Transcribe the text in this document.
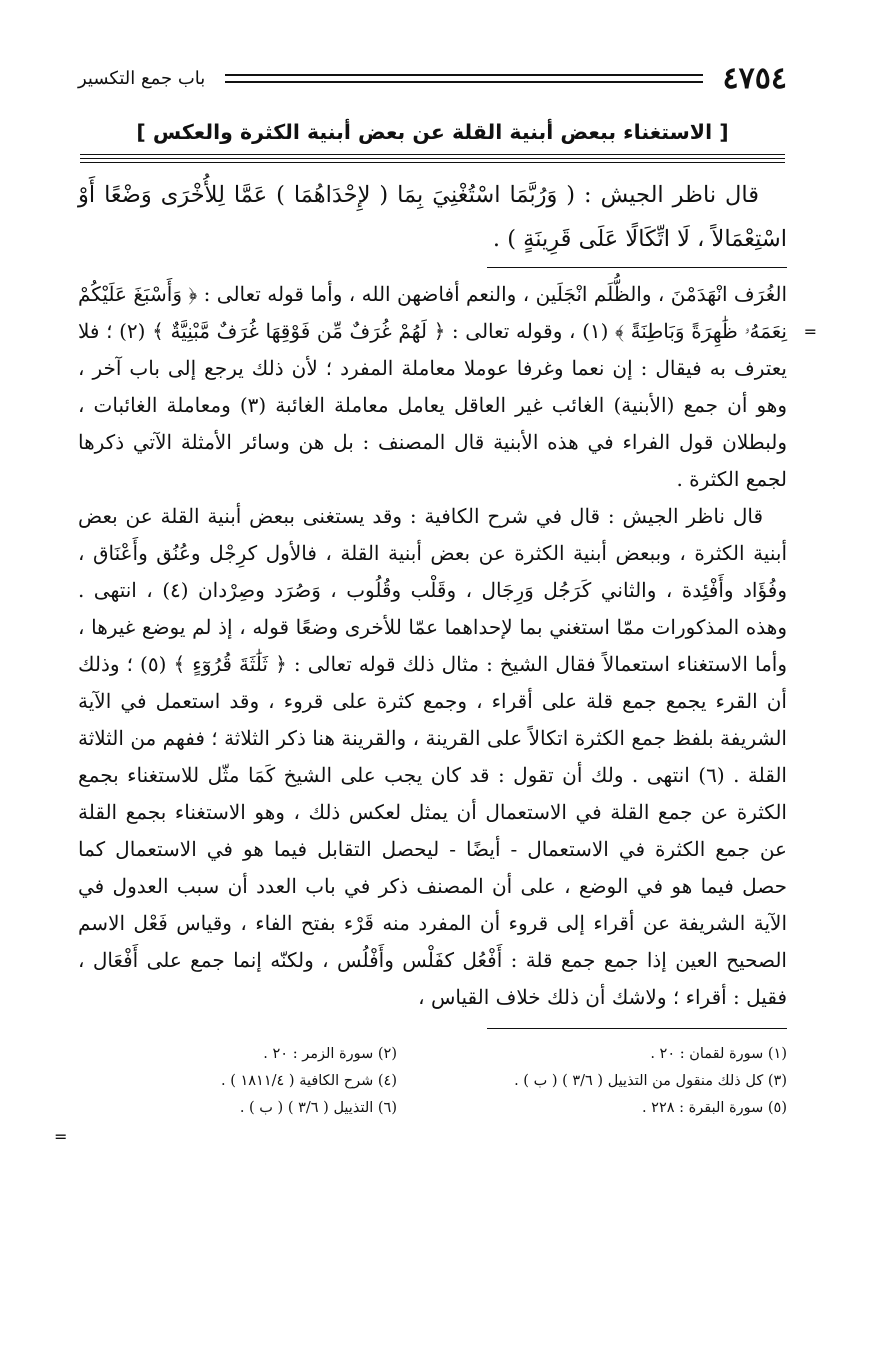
٤٧٥٤
باب جمع التكسير
[ الاستغناء ببعض أبنية القلة عن بعض أبنية الكثرة والعكس ]

قال ناظر الجيش : ( وَرُبَّمَا اسْتُغْنِيَ بِمَا ( لإِحْدَاهُمَا ) عَمَّا لِلأُخْرَى وَضْعًا أَوْ اسْتِعْمَالاً ، لَا اتِّكَالًا عَلَى قَرِينَةٍ ) .

الغُرَف انْهَدَمْنَ ، والظُّلَم انْجَلَين ، والنعم أفاضهن الله ، وأما قوله تعالى : ﴿ وَأَسْبَغَ عَلَيْكُمْ نِعَمَهُۥ ظَٰهِرَةً وَبَاطِنَةً ﴾ (١) ، وقوله تعالى : ﴿ لَهُمْ غُرَفٌ مِّن فَوْقِهَا غُرَفٌ مَّبْنِيَّةٌ ﴾ (٢) ؛ فلا يعترف به فيقال : إن نعما وغرفا عوملا معاملة المفرد ؛ لأن ذلك يرجع إلى باب آخر ، وهو أن جمع (الأبنية) الغائب غير العاقل يعامل معاملة الغائبة (٣) ومعاملة الغائبات ، ولبطلان قول الفراء في هذه الأبنية قال المصنف : بل هن وسائر الأمثلة الآتي ذكرها لجمع الكثرة .

قال ناظر الجيش : قال في شرح الكافية : وقد يستغنى ببعض أبنية القلة عن بعض أبنية الكثرة ، وببعض أبنية الكثرة عن بعض أبنية القلة ، فالأول كرِجْل وعُنُق وأَعْنَاق ، وفُؤَاد وأَفْئِدة ، والثاني كَرَجُل وَرِجَال ، وقَلْب وقُلُوب ، وَصُرَد وصِرْدان (٤) ، انتهى . وهذه المذكورات ممّا استغني بما لإحداهما عمّا للأخرى وضعًا قوله ، إذ لم يوضع غيرها ، وأما الاستغناء استعمالاً فقال الشيخ : مثال ذلك قوله تعالى : ﴿ ثَلَٰثَةَ قُرُوٓءٍ ﴾ (٥) ؛ وذلك أن القرء يجمع جمع قلة على أقراء ، وجمع كثرة على قروء ، وقد استعمل في الآية الشريفة بلفظ جمع الكثرة اتكالاً على القرينة ، والقرينة هنا ذكر الثلاثة ؛ ففهم من الثلاثة القلة . (٦) انتهى . ولك أن تقول : قد كان يجب على الشيخ كَمَا مثّل للاستغناء بجمع الكثرة عن جمع القلة في الاستعمال أن يمثل لعكس ذلك ، وهو الاستغناء بجمع القلة عن جمع الكثرة في الاستعمال - أيضًا - ليحصل التقابل فيما هو في الاستعمال كما حصل فيما هو في الوضع ، على أن المصنف ذكر في باب العدد أن سبب العدول في الآية الشريفة عن أقراء إلى قروء أن المفرد منه قَرْء بفتح الفاء ، وقياس فَعْل الاسم الصحيح العين إذا جمع جمع قلة : أَفْعُل كفَلْس وأَفْلُس ، ولكنّه إنما جمع على أَفْعَال ، فقيل : أقراء ؛ ولاشك أن ذلك خلاف القياس ،

=
=
(١) سورة لقمان : ٢٠ .
(٢) سورة الزمر : ٢٠ .
(٣) كل ذلك منقول من التذييل ( ٣/٦ ) ( ب ) .
(٤) شرح الكافية ( ١٨١١/٤ ) .
(٥) سورة البقرة : ٢٢٨ .
(٦) التذييل ( ٣/٦ ) ( ب ) .
